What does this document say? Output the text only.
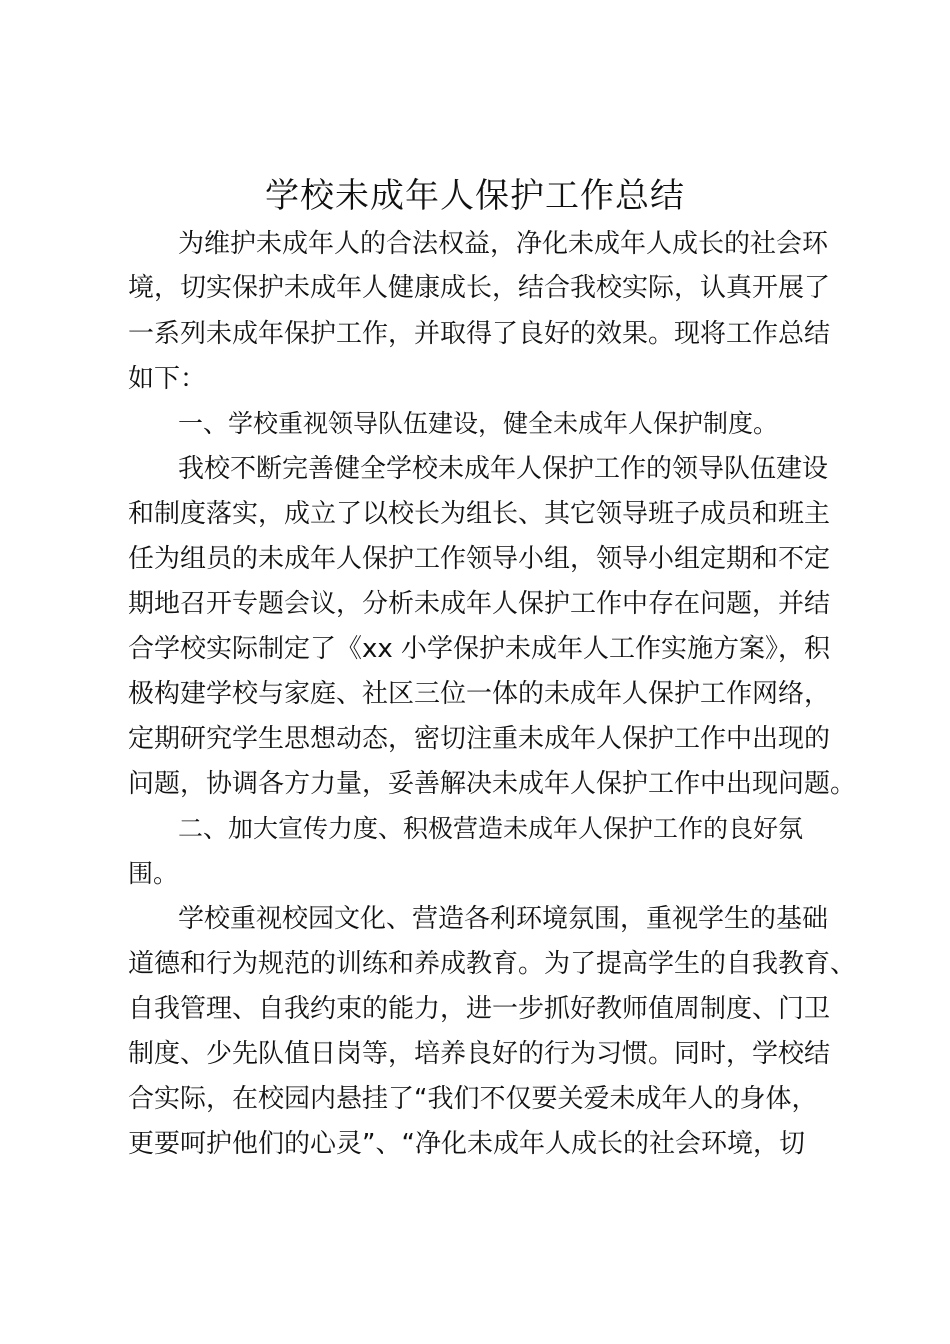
学校未成年人保护工作总结

为维护未成年人的合法权益，净化未成年人成长的社会环

境，切实保护未成年人健康成长，结合我校实际，认真开展了

一系列未成年保护工作，并取得了良好的效果。现将工作总结

如下：

一、学校重视领导队伍建设，健全未成年人保护制度。

我校不断完善健全学校未成年人保护工作的领导队伍建设

和制度落实，成立了以校长为组长、其它领导班子成员和班主

任为组员的未成年人保护工作领导小组，领导小组定期和不定

期地召开专题会议，分析未成年人保护工作中存在问题，并结

合学校实际制定了《xx 小学保护未成年人工作实施方案》，积

极构建学校与家庭、社区三位一体的未成年人保护工作网络，

定期研究学生思想动态，密切注重未成年人保护工作中出现的

问题，协调各方力量，妥善解决未成年人保护工作中出现问题。

二、加大宣传力度、积极营造未成年人保护工作的良好氛

围。

学校重视校园文化、营造各利环境氛围，重视学生的基础

道德和行为规范的训练和养成教育。为了提高学生的自我教育、

自我管理、自我约束的能力，进一步抓好教师值周制度、门卫

制度、少先队值日岗等，培养良好的行为习惯。同时，学校结

合实际，在校园内悬挂了“我们不仅要关爱未成年人的身体，

更要呵护他们的心灵”、“净化未成年人成长的社会环境，切
